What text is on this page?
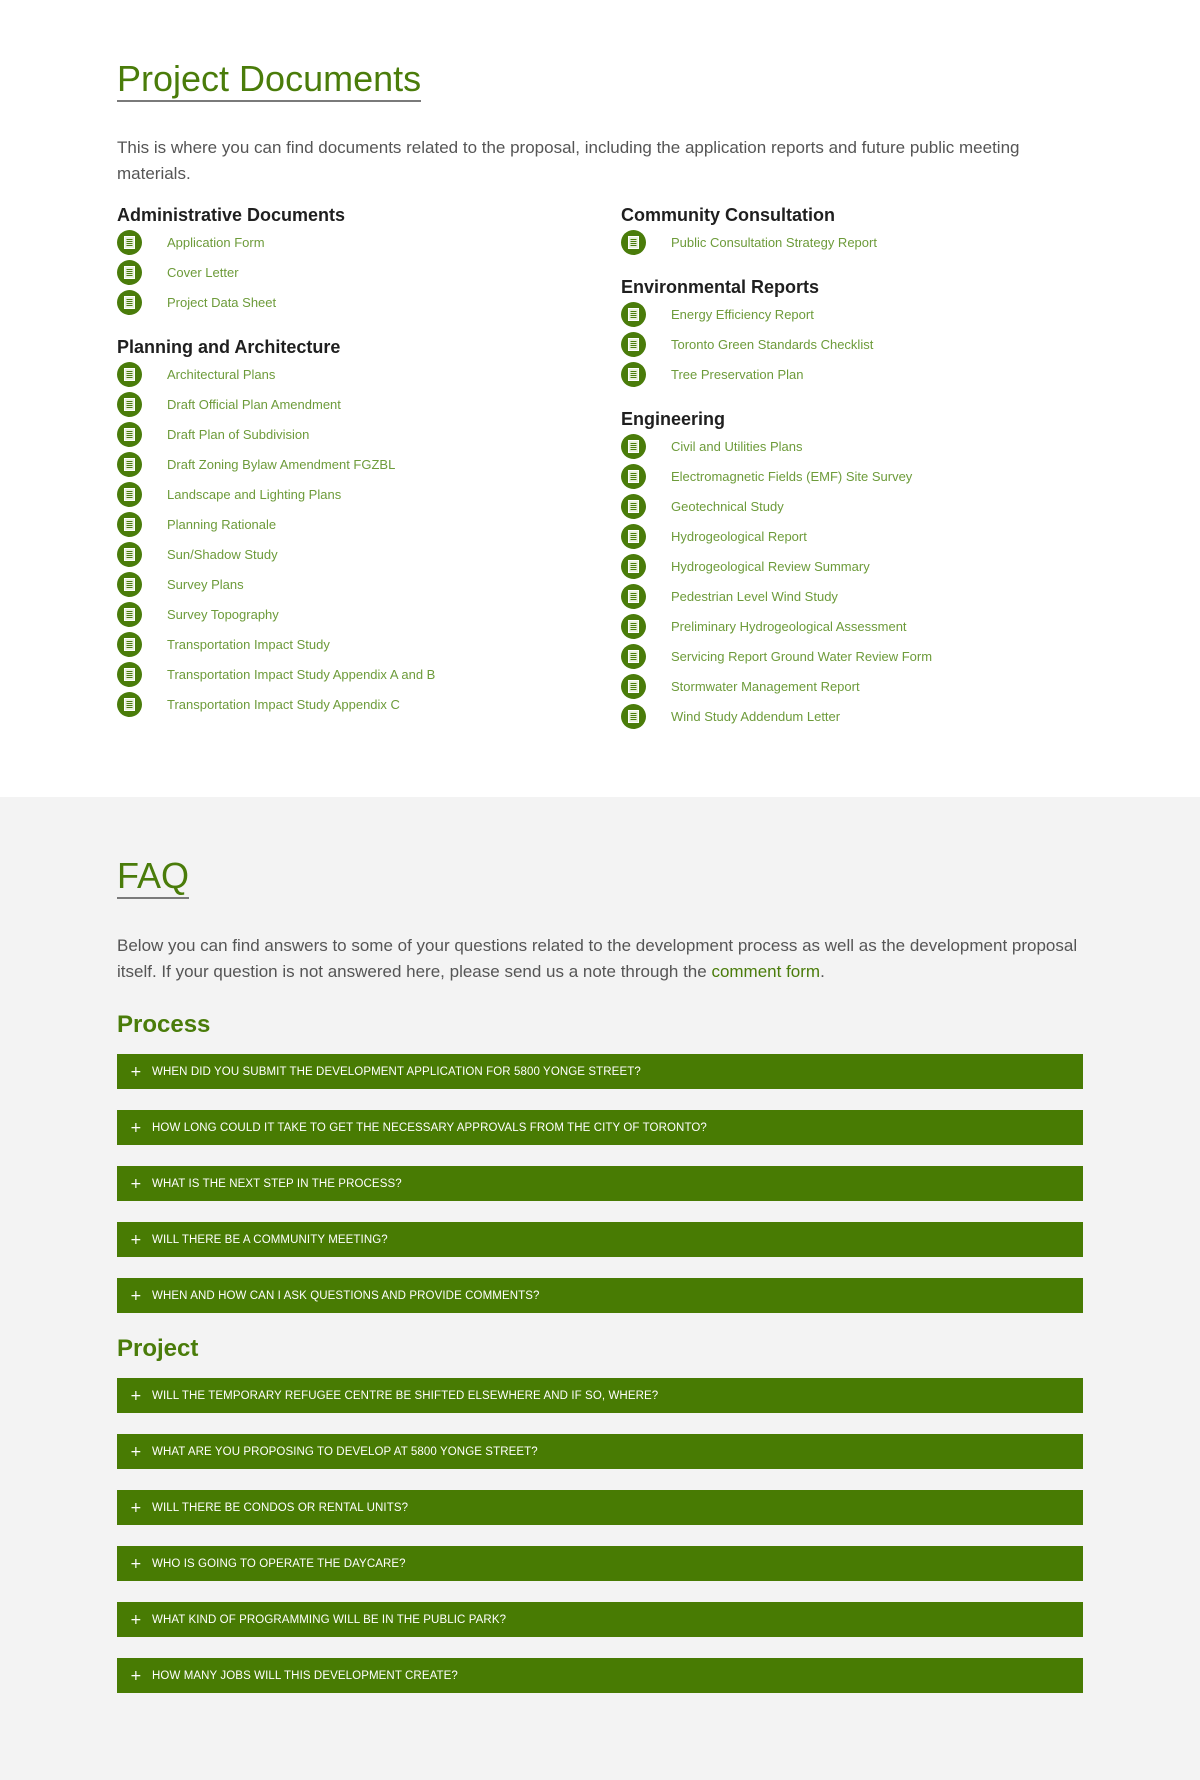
Project Documents

This is where you can find documents related to the proposal, including the application reports and future public meeting materials.

Administrative Documents
Application Form
Cover Letter
Project Data Sheet
Planning and Architecture
Architectural Plans
Draft Official Plan Amendment
Draft Plan of Subdivision
Draft Zoning Bylaw Amendment FGZBL
Landscape and Lighting Plans
Planning Rationale
Sun/Shadow Study
Survey Plans
Survey Topography
Transportation Impact Study
Transportation Impact Study Appendix A and B
Transportation Impact Study Appendix C
Community Consultation
Public Consultation Strategy Report
Environmental Reports
Energy Efficiency Report
Toronto Green Standards Checklist
Tree Preservation Plan
Engineering
Civil and Utilities Plans
Electromagnetic Fields (EMF) Site Survey
Geotechnical Study
Hydrogeological Report
Hydrogeological Review Summary
Pedestrian Level Wind Study
Preliminary Hydrogeological Assessment
Servicing Report Ground Water Review Form
Stormwater Management Report
Wind Study Addendum Letter
FAQ

Below you can find answers to some of your questions related to the development process as well as the development proposal itself. If your question is not answered here, please send us a note through the comment form.

Process
+ WHEN DID YOU SUBMIT THE DEVELOPMENT APPLICATION FOR 5800 YONGE STREET?
+ HOW LONG COULD IT TAKE TO GET THE NECESSARY APPROVALS FROM THE CITY OF TORONTO?
+ WHAT IS THE NEXT STEP IN THE PROCESS?
+ WILL THERE BE A COMMUNITY MEETING?
+ WHEN AND HOW CAN I ASK QUESTIONS AND PROVIDE COMMENTS?
Project
+ WILL THE TEMPORARY REFUGEE CENTRE BE SHIFTED ELSEWHERE AND IF SO, WHERE?
+ WHAT ARE YOU PROPOSING TO DEVELOP AT 5800 YONGE STREET?
+ WILL THERE BE CONDOS OR RENTAL UNITS?
+ WHO IS GOING TO OPERATE THE DAYCARE?
+ WHAT KIND OF PROGRAMMING WILL BE IN THE PUBLIC PARK?
+ HOW MANY JOBS WILL THIS DEVELOPMENT CREATE?
